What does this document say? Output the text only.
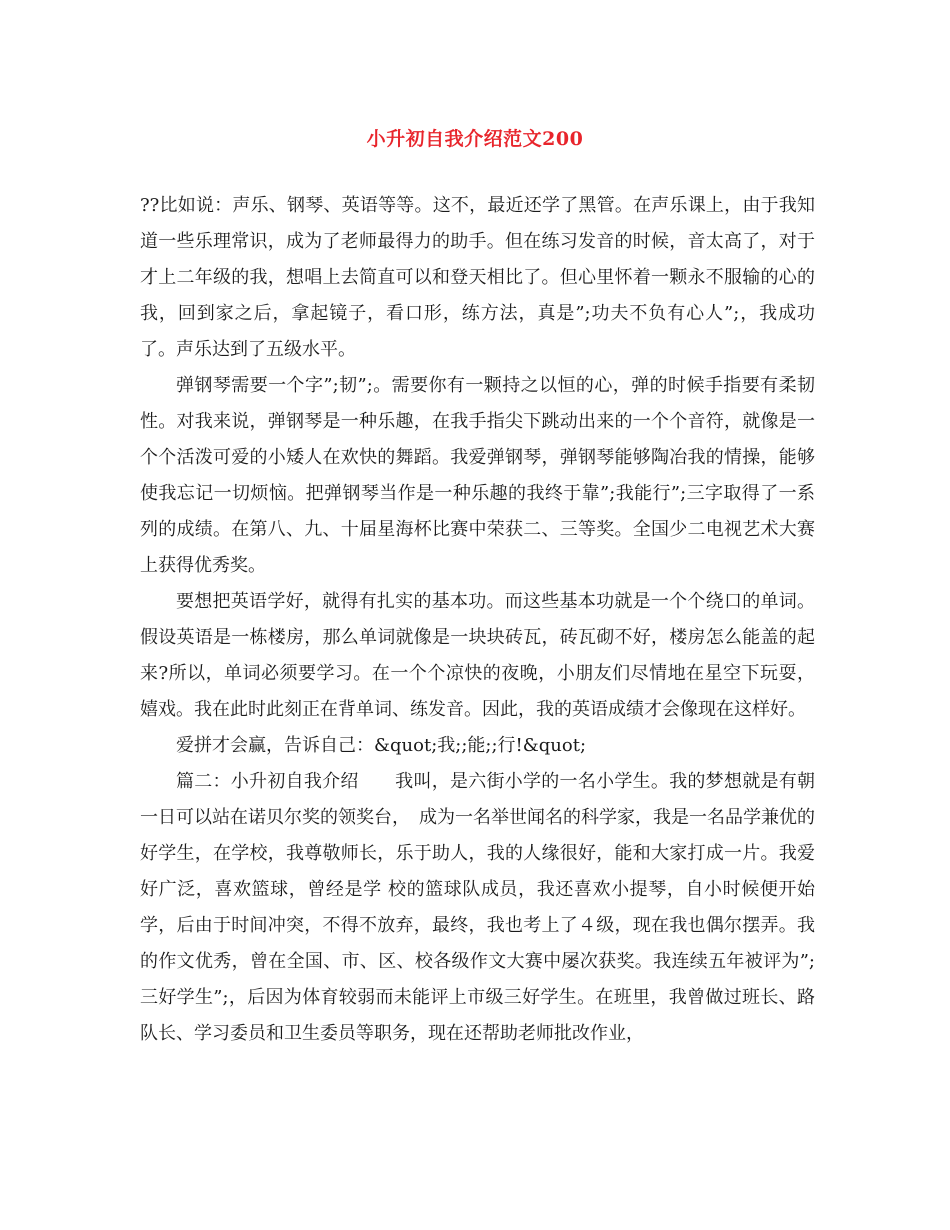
小升初自我介绍范文200

??比如说：声乐、钢琴、英语等等。这不，最近还学了黑管。在声乐课上，由于我知道一些乐理常识，成为了老师最得力的助手。但在练习发音的时候，音太高了，对于才上二年级的我，想唱上去简直可以和登天相比了。但心里怀着一颗永不服输的心的我，回到家之后，拿起镜子，看口形，练方法，真是”;功夫不负有心人”;，我成功了。声乐达到了五级水平。

弹钢琴需要一个字”;韧”;。需要你有一颗持之以恒的心，弹的时候手指要有柔韧性。对我来说，弹钢琴是一种乐趣，在我手指尖下跳动出来的一个个音符，就像是一个个活泼可爱的小矮人在欢快的舞蹈。我爱弹钢琴，弹钢琴能够陶冶我的情操，能够使我忘记一切烦恼。把弹钢琴当作是一种乐趣的我终于靠”;我能行”;三字取得了一系列的成绩。在第八、九、十届星海杯比赛中荣获二、三等奖。全国少二电视艺术大赛上获得优秀奖。

要想把英语学好，就得有扎实的基本功。而这些基本功就是一个个绕口的单词。假设英语是一栋楼房，那么单词就像是一块块砖瓦，砖瓦砌不好，楼房怎么能盖的起来?所以，单词必须要学习。在一个个凉快的夜晚，小朋友们尽情地在星空下玩耍，嬉戏。我在此时此刻正在背单词、练发音。因此，我的英语成绩才会像现在这样好。

爱拼才会赢，告诉自己：&quot;我;;能;;行!&quot;

篇二：小升初自我介绍　　我叫，是六街小学的一名小学生。我的梦想就是有朝一日可以站在诺贝尔奖的领奖台，　成为一名举世闻名的科学家，我是一名品学兼优的好学生，在学校，我尊敬师长，乐于助人，我的人缘很好，能和大家打成一片。我爱好广泛，喜欢篮球，曾经是学 校的篮球队成员，我还喜欢小提琴，自小时候便开始学，后由于时间冲突，不得不放弃，最终，我也考上了４级，现在我也偶尔摆弄。我的作文优秀，曾在全国、市、区、校各级作文大赛中屡次获奖。我连续五年被评为”;三好学生”;，后因为体育较弱而未能评上市级三好学生。在班里，我曾做过班长、路队长、学习委员和卫生委员等职务，现在还帮助老师批改作业，
